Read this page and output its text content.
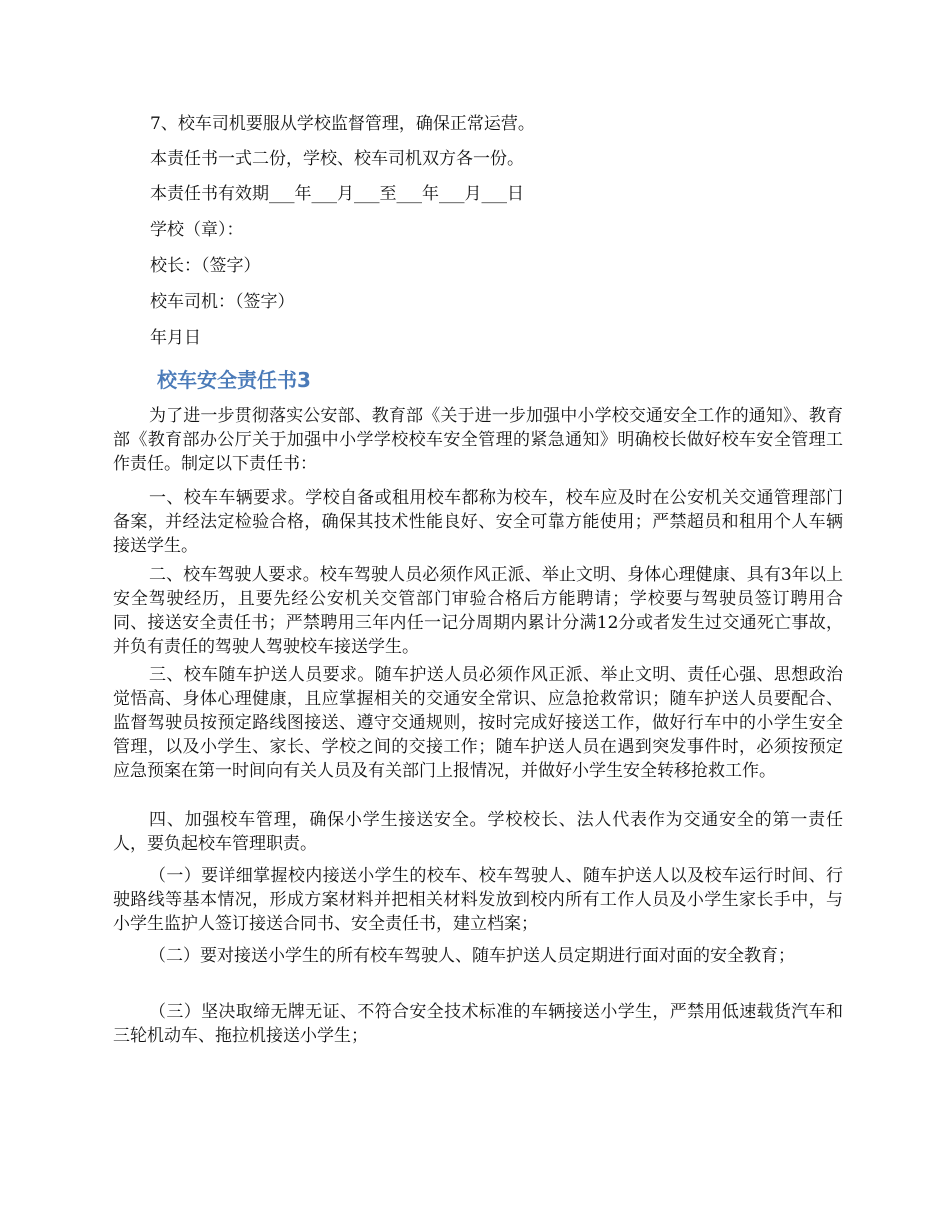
7、校车司机要服从学校监督管理，确保正常运营。
本责任书一式二份，学校、校车司机双方各一份。
本责任书有效期___年___月___至___年___月___日
学校（章）：
校长：（签字）
校车司机：（签字）
年月日
校车安全责任书3

为了进一步贯彻落实公安部、教育部《关于进一步加强中小学校交通安全工作的通知》、教育部《教育部办公厅关于加强中小学学校校车安全管理的紧急通知》明确校长做好校车安全管理工作责任。制定以下责任书：

一、校车车辆要求。学校自备或租用校车都称为校车，校车应及时在公安机关交通管理部门备案，并经法定检验合格，确保其技术性能良好、安全可靠方能使用；严禁超员和租用个人车辆接送学生。

二、校车驾驶人要求。校车驾驶人员必须作风正派、举止文明、身体心理健康、具有3年以上安全驾驶经历，且要先经公安机关交管部门审验合格后方能聘请；学校要与驾驶员签订聘用合同、接送安全责任书；严禁聘用三年内任一记分周期内累计分满12分或者发生过交通死亡事故，并负有责任的驾驶人驾驶校车接送学生。

三、校车随车护送人员要求。随车护送人员必须作风正派、举止文明、责任心强、思想政治觉悟高、身体心理健康，且应掌握相关的交通安全常识、应急抢救常识；随车护送人员要配合、监督驾驶员按预定路线图接送、遵守交通规则，按时完成好接送工作，做好行车中的小学生安全管理，以及小学生、家长、学校之间的交接工作；随车护送人员在遇到突发事件时，必须按预定应急预案在第一时间向有关人员及有关部门上报情况，并做好小学生安全转移抢救工作。

四、加强校车管理，确保小学生接送安全。学校校长、法人代表作为交通安全的第一责任人，要负起校车管理职责。

（一）要详细掌握校内接送小学生的校车、校车驾驶人、随车护送人以及校车运行时间、行驶路线等基本情况，形成方案材料并把相关材料发放到校内所有工作人员及小学生家长手中，与小学生监护人签订接送合同书、安全责任书，建立档案；

（二）要对接送小学生的所有校车驾驶人、随车护送人员定期进行面对面的安全教育；

（三）坚决取缔无牌无证、不符合安全技术标准的车辆接送小学生，严禁用低速载货汽车和三轮机动车、拖拉机接送小学生；
